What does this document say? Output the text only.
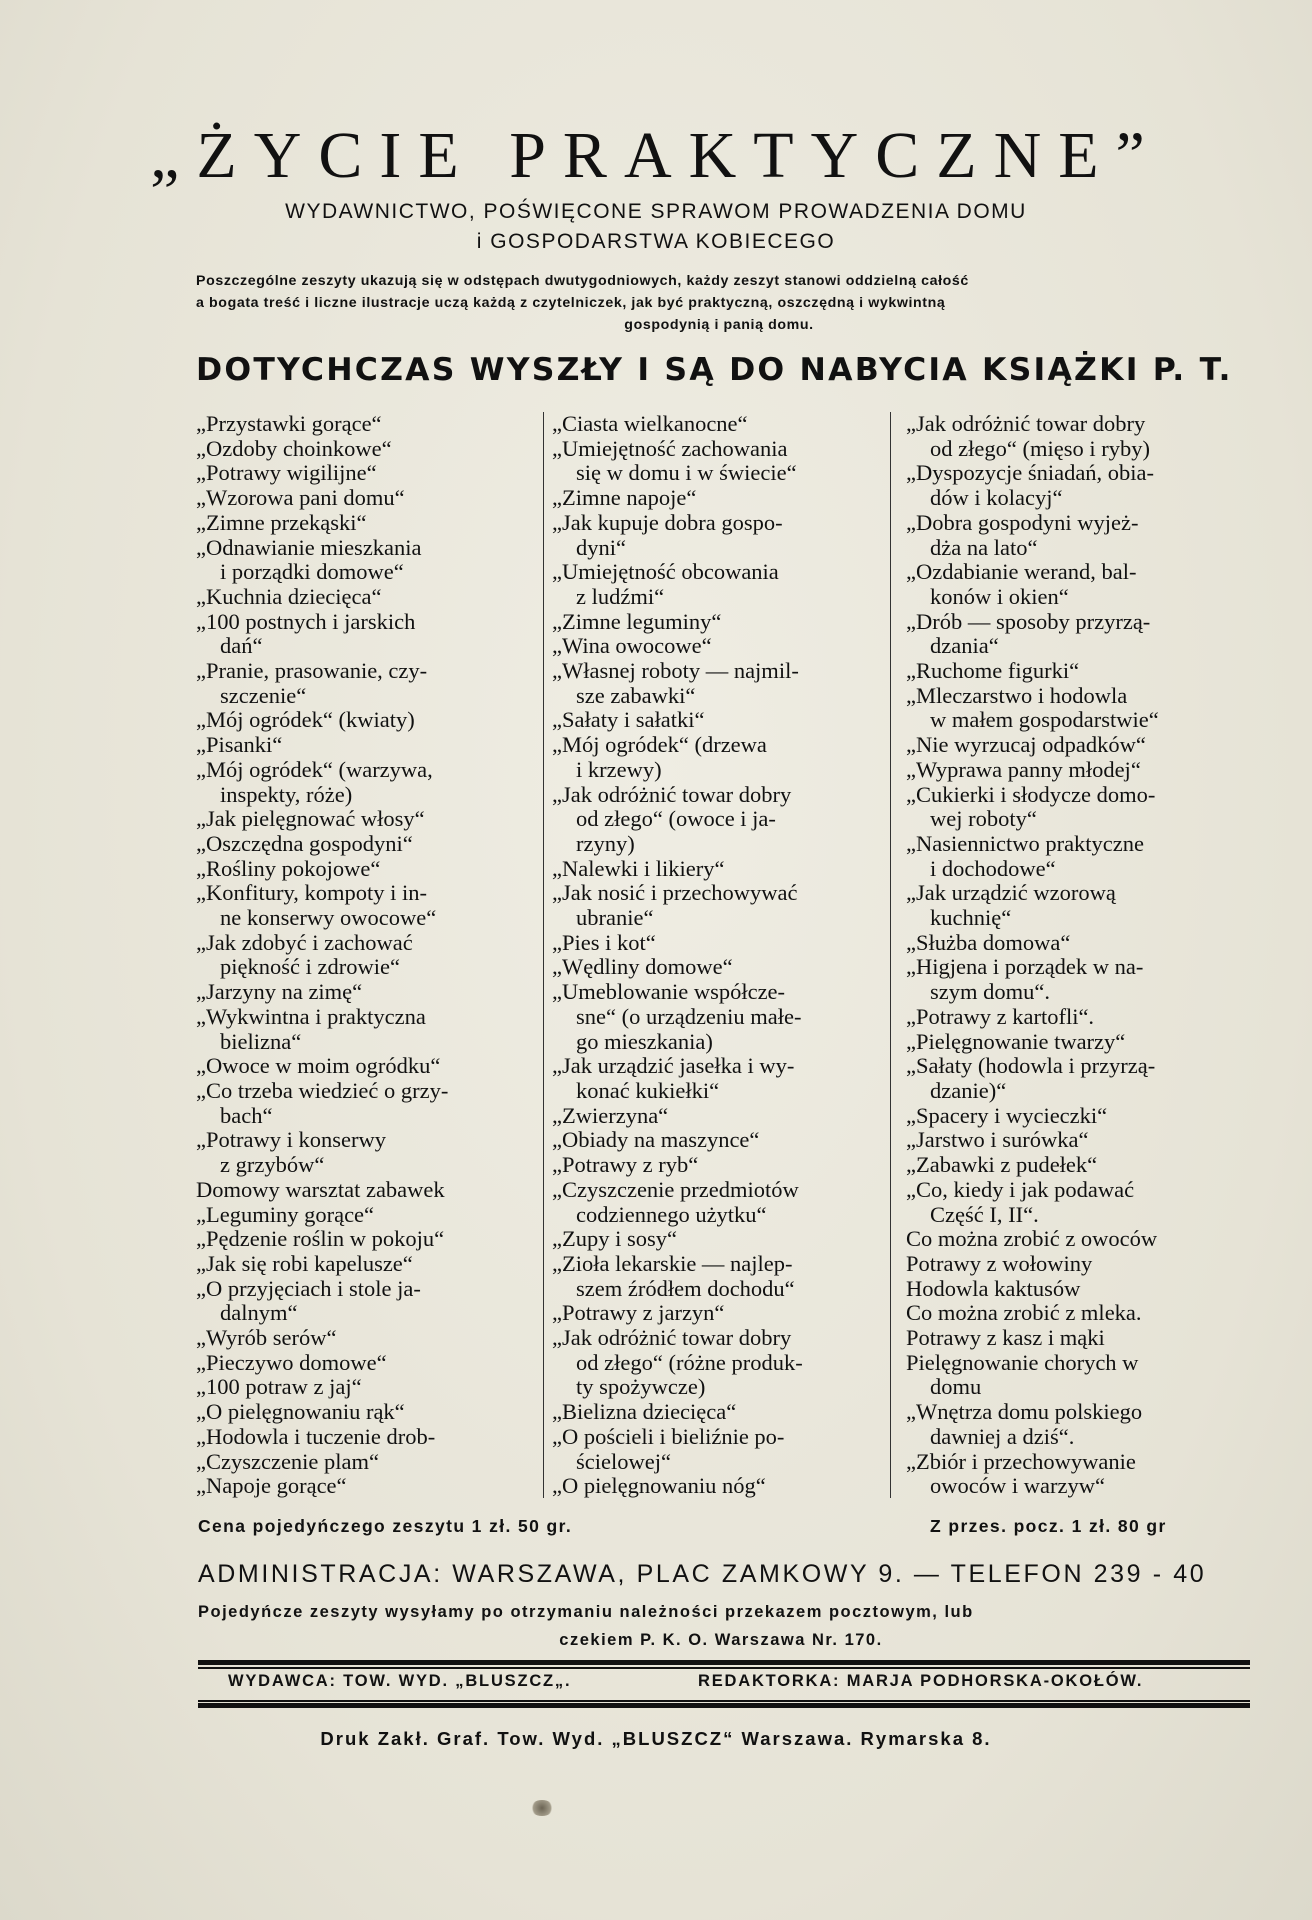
„ŻYCIE PRAKTYCZNE”
WYDAWNICTWO, POŚWIĘCONE SPRAWOM PROWADZENIA DOMU
i GOSPODARSTWA KOBIECEGO
Poszczególne zeszyty ukazują się w odstępach dwutygodniowych, każdy zeszyt stanowi oddzielną całość
a bogata treść i liczne ilustracje uczą każdą z czytelniczek, jak być praktyczną, oszczędną i wykwintną
gospodynią i panią domu.
DOTYCHCZAS WYSZŁY I SĄ DO NABYCIA KSIĄŻKI P. T.
„Przystawki gorące“
„Ozdoby choinkowe“
„Potrawy wigilijne“
„Wzorowa pani domu“
„Zimne przekąski“
„Odnawianie mieszkania
i porządki domowe“
„Kuchnia dziecięca“
„100 postnych i jarskich
dań“
„Pranie, prasowanie, czy-
szczenie“
„Mój ogródek“ (kwiaty)
„Pisanki“
„Mój ogródek“ (warzywa,
inspekty, róże)
„Jak pielęgnować włosy“
„Oszczędna gospodyni“
„Rośliny pokojowe“
„Konfitury, kompoty i in-
ne konserwy owocowe“
„Jak zdobyć i zachować
piękność i zdrowie“
„Jarzyny na zimę“
„Wykwintna i praktyczna
bielizna“
„Owoce w moim ogródku“
„Co trzeba wiedzieć o grzy-
bach“
„Potrawy i konserwy
z grzybów“
Domowy warsztat zabawek
„Leguminy gorące“
„Pędzenie roślin w pokoju“
„Jak się robi kapelusze“
„O przyjęciach i stole ja-
dalnym“
„Wyrób serów“
„Pieczywo domowe“
„100 potraw z jaj“
„O pielęgnowaniu rąk“
„Hodowla i tuczenie drob-
„Czyszczenie plam“
„Napoje gorące“
„Ciasta wielkanocne“
„Umiejętność zachowania
się w domu i w świecie“
„Zimne napoje“
„Jak kupuje dobra gospo-
dyni“
„Umiejętność obcowania
z ludźmi“
„Zimne leguminy“
„Wina owocowe“
„Własnej roboty — najmil-
sze zabawki“
„Sałaty i sałatki“
„Mój ogródek“ (drzewa
i krzewy)
„Jak odróżnić towar dobry
od złego“ (owoce i ja-
rzyny)
„Nalewki i likiery“
„Jak nosić i przechowywać
ubranie“
„Pies i kot“
„Wędliny domowe“
„Umeblowanie współcze-
sne“ (o urządzeniu małe-
go mieszkania)
„Jak urządzić jasełka i wy-
konać kukiełki“
„Zwierzyna“
„Obiady na maszynce“
„Potrawy z ryb“
„Czyszczenie przedmiotów
codziennego użytku“
„Zupy i sosy“
„Zioła lekarskie — najlep-
szem źródłem dochodu“
„Potrawy z jarzyn“
„Jak odróżnić towar dobry
od złego“ (różne produk-
ty spożywcze)
„Bielizna dziecięca“
„O pościeli i bieliźnie po-
ścielowej“
„O pielęgnowaniu nóg“
„Jak odróżnić towar dobry
od złego“ (mięso i ryby)
„Dyspozycje śniadań, obia-
dów i kolacyj“
„Dobra gospodyni wyjeż-
dża na lato“
„Ozdabianie werand, bal-
konów i okien“
„Drób — sposoby przyrzą-
dzania“
„Ruchome figurki“
„Mleczarstwo i hodowla
w małem gospodarstwie“
„Nie wyrzucaj odpadków“
„Wyprawa panny młodej“
„Cukierki i słodycze domo-
wej roboty“
„Nasiennictwo praktyczne
i dochodowe“
„Jak urządzić wzorową
kuchnię“
„Służba domowa“
„Higjena i porządek w na-
szym domu“.
„Potrawy z kartofli“.
„Pielęgnowanie twarzy“
„Sałaty (hodowla i przyrzą-
dzanie)“
„Spacery i wycieczki“
„Jarstwo i surówka“
„Zabawki z pudełek“
„Co, kiedy i jak podawać
Część I, II“.
Co można zrobić z owoców
Potrawy z wołowiny
Hodowla kaktusów
Co można zrobić z mleka.
Potrawy z kasz i mąki
Pielęgnowanie chorych w
domu
„Wnętrza domu polskiego
dawniej a dziś“.
„Zbiór i przechowywanie
owoców i warzyw“
Cena pojedyńczego zeszytu 1 zł. 50 gr.	Z przes. pocz. 1 zł. 80 gr
ADMINISTRACJA: WARSZAWA, PLAC ZAMKOWY 9. — TELEFON 239 - 40
Pojedyńcze zeszyty wysyłamy po otrzymaniu należności przekazem pocztowym, lub
czekiem P. K. O. Warszawa Nr. 170.
WYDAWCA: TOW. WYD. „BLUSZCZ„.	REDAKTORKA: MARJA PODHORSKA-OKOŁÓW.
Druk Zakł. Graf. Tow. Wyd. „BLUSZCZ“ Warszawa. Rymarska 8.
